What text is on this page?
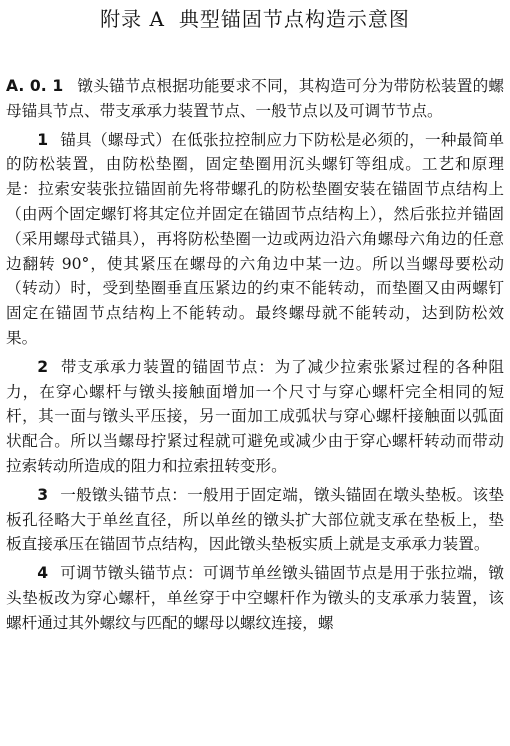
附录 A 典型锚固节点构造示意图

A. 0. 1 镦头锚节点根据功能要求不同，其构造可分为带防松装置的螺母锚具节点、带支承承力装置节点、一般节点以及可调节节点。

1 锚具（螺母式）在低张拉控制应力下防松是必须的，一种最简单的防松装置，由防松垫圈，固定垫圈用沉头螺钉等组成。工艺和原理是：拉索安装张拉锚固前先将带螺孔的防松垫圈安装在锚固节点结构上（由两个固定螺钉将其定位并固定在锚固节点结构上），然后张拉并锚固（采用螺母式锚具），再将防松垫圈一边或两边沿六角螺母六角边的任意边翻转 90°，使其紧压在螺母的六角边中某一边。所以当螺母要松动（转动）时，受到垫圈垂直压紧边的约束不能转动，而垫圈又由两螺钉固定在锚固节点结构上不能转动。最终螺母就不能转动，达到防松效果。

2 带支承承力装置的锚固节点：为了减少拉索张紧过程的各种阻力，在穿心螺杆与镦头接触面增加一个尺寸与穿心螺杆完全相同的短杆，其一面与镦头平压接，另一面加工成弧状与穿心螺杆接触面以弧面状配合。所以当螺母拧紧过程就可避免或减少由于穿心螺杆转动而带动拉索转动所造成的阻力和拉索扭转变形。

3 一般镦头锚节点：一般用于固定端，镦头锚固在墩头垫板。该垫板孔径略大于单丝直径，所以单丝的镦头扩大部位就支承在垫板上，垫板直接承压在锚固节点结构，因此镦头垫板实质上就是支承承力装置。

4 可调节镦头锚节点：可调节单丝镦头锚固节点是用于张拉端，镦头垫板改为穿心螺杆，单丝穿于中空螺杆作为镦头的支承承力装置，该螺杆通过其外螺纹与匹配的螺母以螺纹连接，螺
